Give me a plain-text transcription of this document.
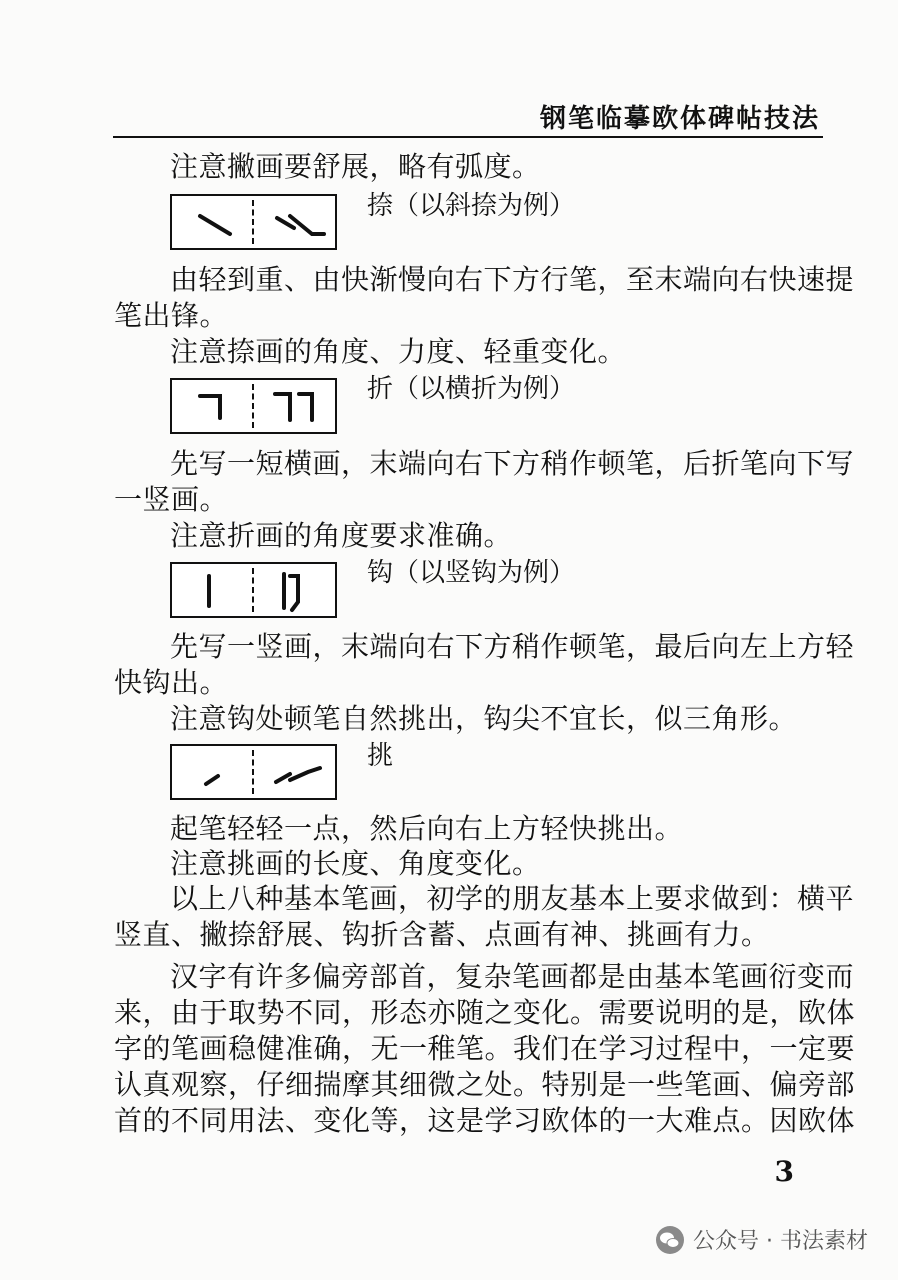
钢笔临摹欧体碑帖技法
注意撇画要舒展，略有弧度。
捺（以斜捺为例）
由轻到重、由快渐慢向右下方行笔，至末端向右快速提
笔出锋。
注意捺画的角度、力度、轻重变化。
折（以横折为例）
先写一短横画，末端向右下方稍作顿笔，后折笔向下写
一竖画。
注意折画的角度要求准确。
钩（以竖钩为例）
先写一竖画，末端向右下方稍作顿笔，最后向左上方轻
快钩出。
注意钩处顿笔自然挑出，钩尖不宜长，似三角形。
挑
起笔轻轻一点，然后向右上方轻快挑出。
注意挑画的长度、角度变化。
以上八种基本笔画，初学的朋友基本上要求做到：横平
竖直、撇捺舒展、钩折含蓄、点画有神、挑画有力。
汉字有许多偏旁部首，复杂笔画都是由基本笔画衍变而
来，由于取势不同，形态亦随之变化。需要说明的是，欧体
字的笔画稳健准确，无一稚笔。我们在学习过程中，一定要
认真观察，仔细揣摩其细微之处。特别是一些笔画、偏旁部
首的不同用法、变化等，这是学习欧体的一大难点。因欧体
3
公众号 · 书法素材
